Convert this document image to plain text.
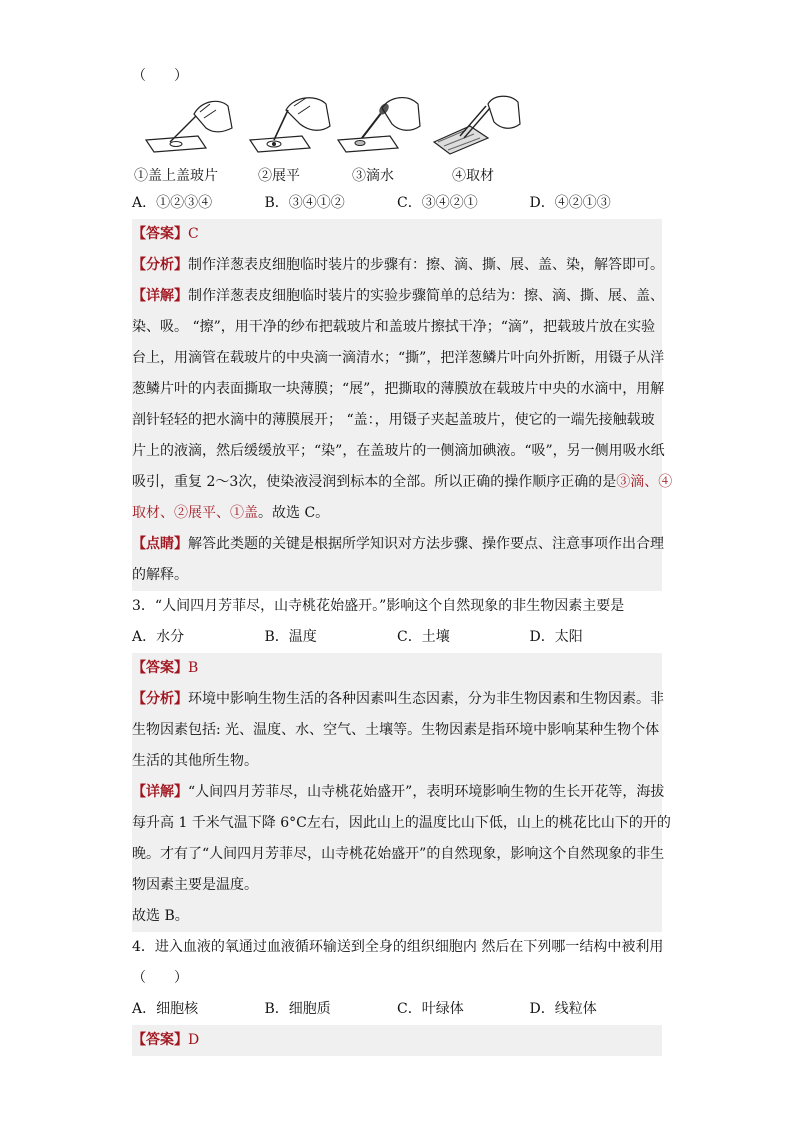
（　　）
①盖上盖玻片	②展平	③滴水	④取材
A．①②③④	B．③④①②	C．③④②①	D．④②①③
【答案】C
【分析】制作洋葱表皮细胞临时装片的步骤有：擦、滴、撕、展、盖、染，解答即可。
【详解】制作洋葱表皮细胞临时装片的实验步骤简单的总结为：擦、滴、撕、展、盖、
染、吸。 “擦”，用干净的纱布把载玻片和盖玻片擦拭干净；“滴”，把载玻片放在实验
台上，用滴管在载玻片的中央滴一滴清水；“撕”，把洋葱鳞片叶向外折断，用镊子从洋
葱鳞片叶的内表面撕取一块薄膜；“展”，把撕取的薄膜放在载玻片中央的水滴中，用解
剖针轻轻的把水滴中的薄膜展开； “盖：，用镊子夹起盖玻片，使它的一端先接触载玻
片上的液滴，然后缓缓放平；“染”，在盖玻片的一侧滴加碘液。“吸”，另一侧用吸水纸
吸引，重复 2～3次，使染液浸润到标本的全部。所以正确的操作顺序正确的是③滴、④
取材、②展平、①盖。故选 C。
【点睛】解答此类题的关键是根据所学知识对方法步骤、操作要点、注意事项作出合理
的解释。
3．“人间四月芳菲尽，山寺桃花始盛开。”影响这个自然现象的非生物因素主要是
A．水分	B．温度	C．土壤	D．太阳
【答案】B
【分析】环境中影响生物生活的各种因素叫生态因素，分为非生物因素和生物因素。非
生物因素包括: 光、温度、水、空气、土壤等。生物因素是指环境中影响某种生物个体
生活的其他所生物。
【详解】“人间四月芳菲尽，山寺桃花始盛开”，表明环境影响生物的生长开花等，海拔
每升高 1 千米气温下降 6°C左右，因此山上的温度比山下低，山上的桃花比山下的开的
晚。才有了“人间四月芳菲尽，山寺桃花始盛开”的自然现象，影响这个自然现象的非生
物因素主要是温度。
故选 B。
4．进入血液的氧通过血液循环输送到全身的组织细胞内 然后在下列哪一结构中被利用
（　　）
A．细胞核	B．细胞质	C．叶绿体	D．线粒体
【答案】D
